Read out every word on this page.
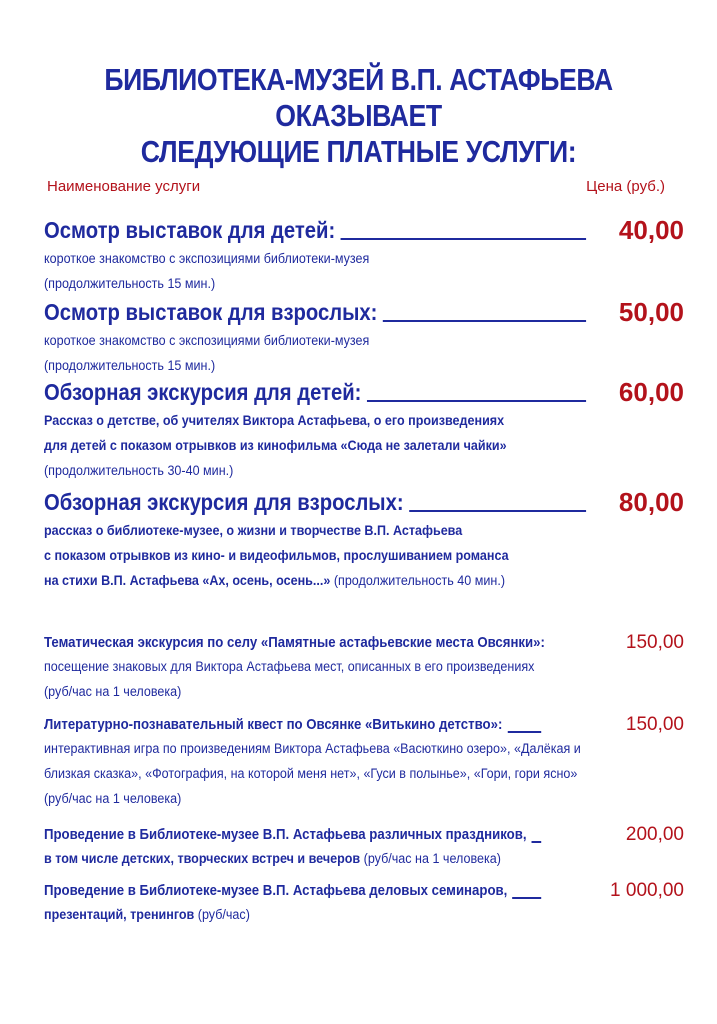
БИБЛИОТЕКА-МУЗЕЙ В.П. АСТАФЬЕВА ОКАЗЫВАЕТ
СЛЕДУЮЩИЕ ПЛАТНЫЕ УСЛУГИ:
Наименование услуги	Цена (руб.)
Осмотр выставок для детей:	40,00
короткое знакомство с экспозициями библиотеки-музея
(продолжительность 15 мин.)
Осмотр выставок для взрослых:	50,00
короткое знакомство с экспозициями библиотеки-музея
(продолжительность 15 мин.)
Обзорная экскурсия для детей:	60,00
Рассказ о детстве, об учителях Виктора Астафьева, о его произведениях
для детей с показом отрывков из кинофильма «Сюда не залетали чайки»
(продолжительность 30-40 мин.)
Обзорная экскурсия для взрослых:	80,00
рассказ о библиотеке-музее, о жизни и творчестве В.П. Астафьева
с показом отрывков из кино- и видеофильмов, прослушиванием романса
на стихи В.П. Астафьева «Ах, осень, осень...» (продолжительность 40 мин.)
Тематическая экскурсия по селу «Памятные астафьевские места Овсянки»:	150,00
посещение знаковых для Виктора Астафьева мест, описанных в его произведениях
(руб/час на 1 человека)
Литературно-познавательный квест по Овсянке «Витькино детство»:	150,00
интерактивная игра по произведениям Виктора Астафьева «Васюткино озеро», «Далёкая и
близкая сказка», «Фотография, на которой меня нет», «Гуси в полынье», «Гори, гори ясно»
(руб/час на 1 человека)
Проведение в Библиотеке-музее В.П. Астафьева различных праздников,	200,00
в том числе детских, творческих встреч и вечеров (руб/час на 1 человека)
Проведение в Библиотеке-музее В.П. Астафьева деловых семинаров,	1 000,00
презентаций, тренингов (руб/час)
